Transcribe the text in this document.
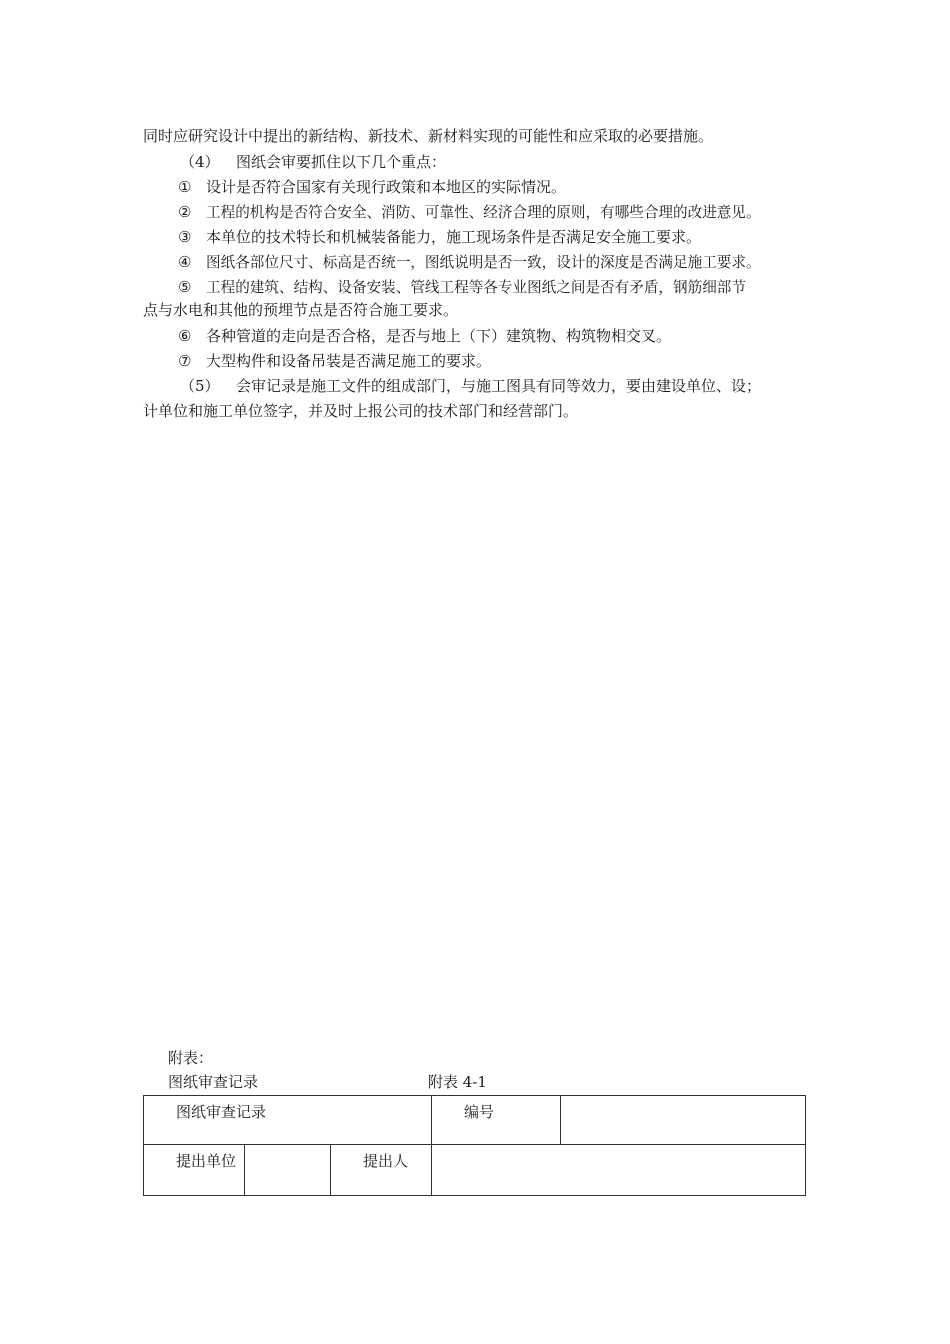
同时应研究设计中提出的新结构、新技术、新材料实现的可能性和应采取的必要措施。
（4） 图纸会审要抓住以下几个重点：
① 设计是否符合国家有关现行政策和本地区的实际情况。
② 工程的机构是否符合安全、消防、可靠性、经济合理的原则，有哪些合理的改进意见。
③ 本单位的技术特长和机械装备能力，施工现场条件是否满足安全施工要求。
④ 图纸各部位尺寸、标高是否统一，图纸说明是否一致，设计的深度是否满足施工要求。
⑤ 工程的建筑、结构、设备安装、管线工程等各专业图纸之间是否有矛盾，钢筋细部节
点与水电和其他的预埋节点是否符合施工要求。
⑥ 各种管道的走向是否合格，是否与地上（下）建筑物、构筑物相交叉。
⑦ 大型构件和设备吊装是否满足施工的要求。
（5） 会审记录是施工文件的组成部门，与施工图具有同等效力，要由建设单位、设；
计单位和施工单位签字，并及时上报公司的技术部门和经营部门。
附表：
图纸审查记录	附表 4-1
图纸审查记录			编号	
提出单位		提出人		
